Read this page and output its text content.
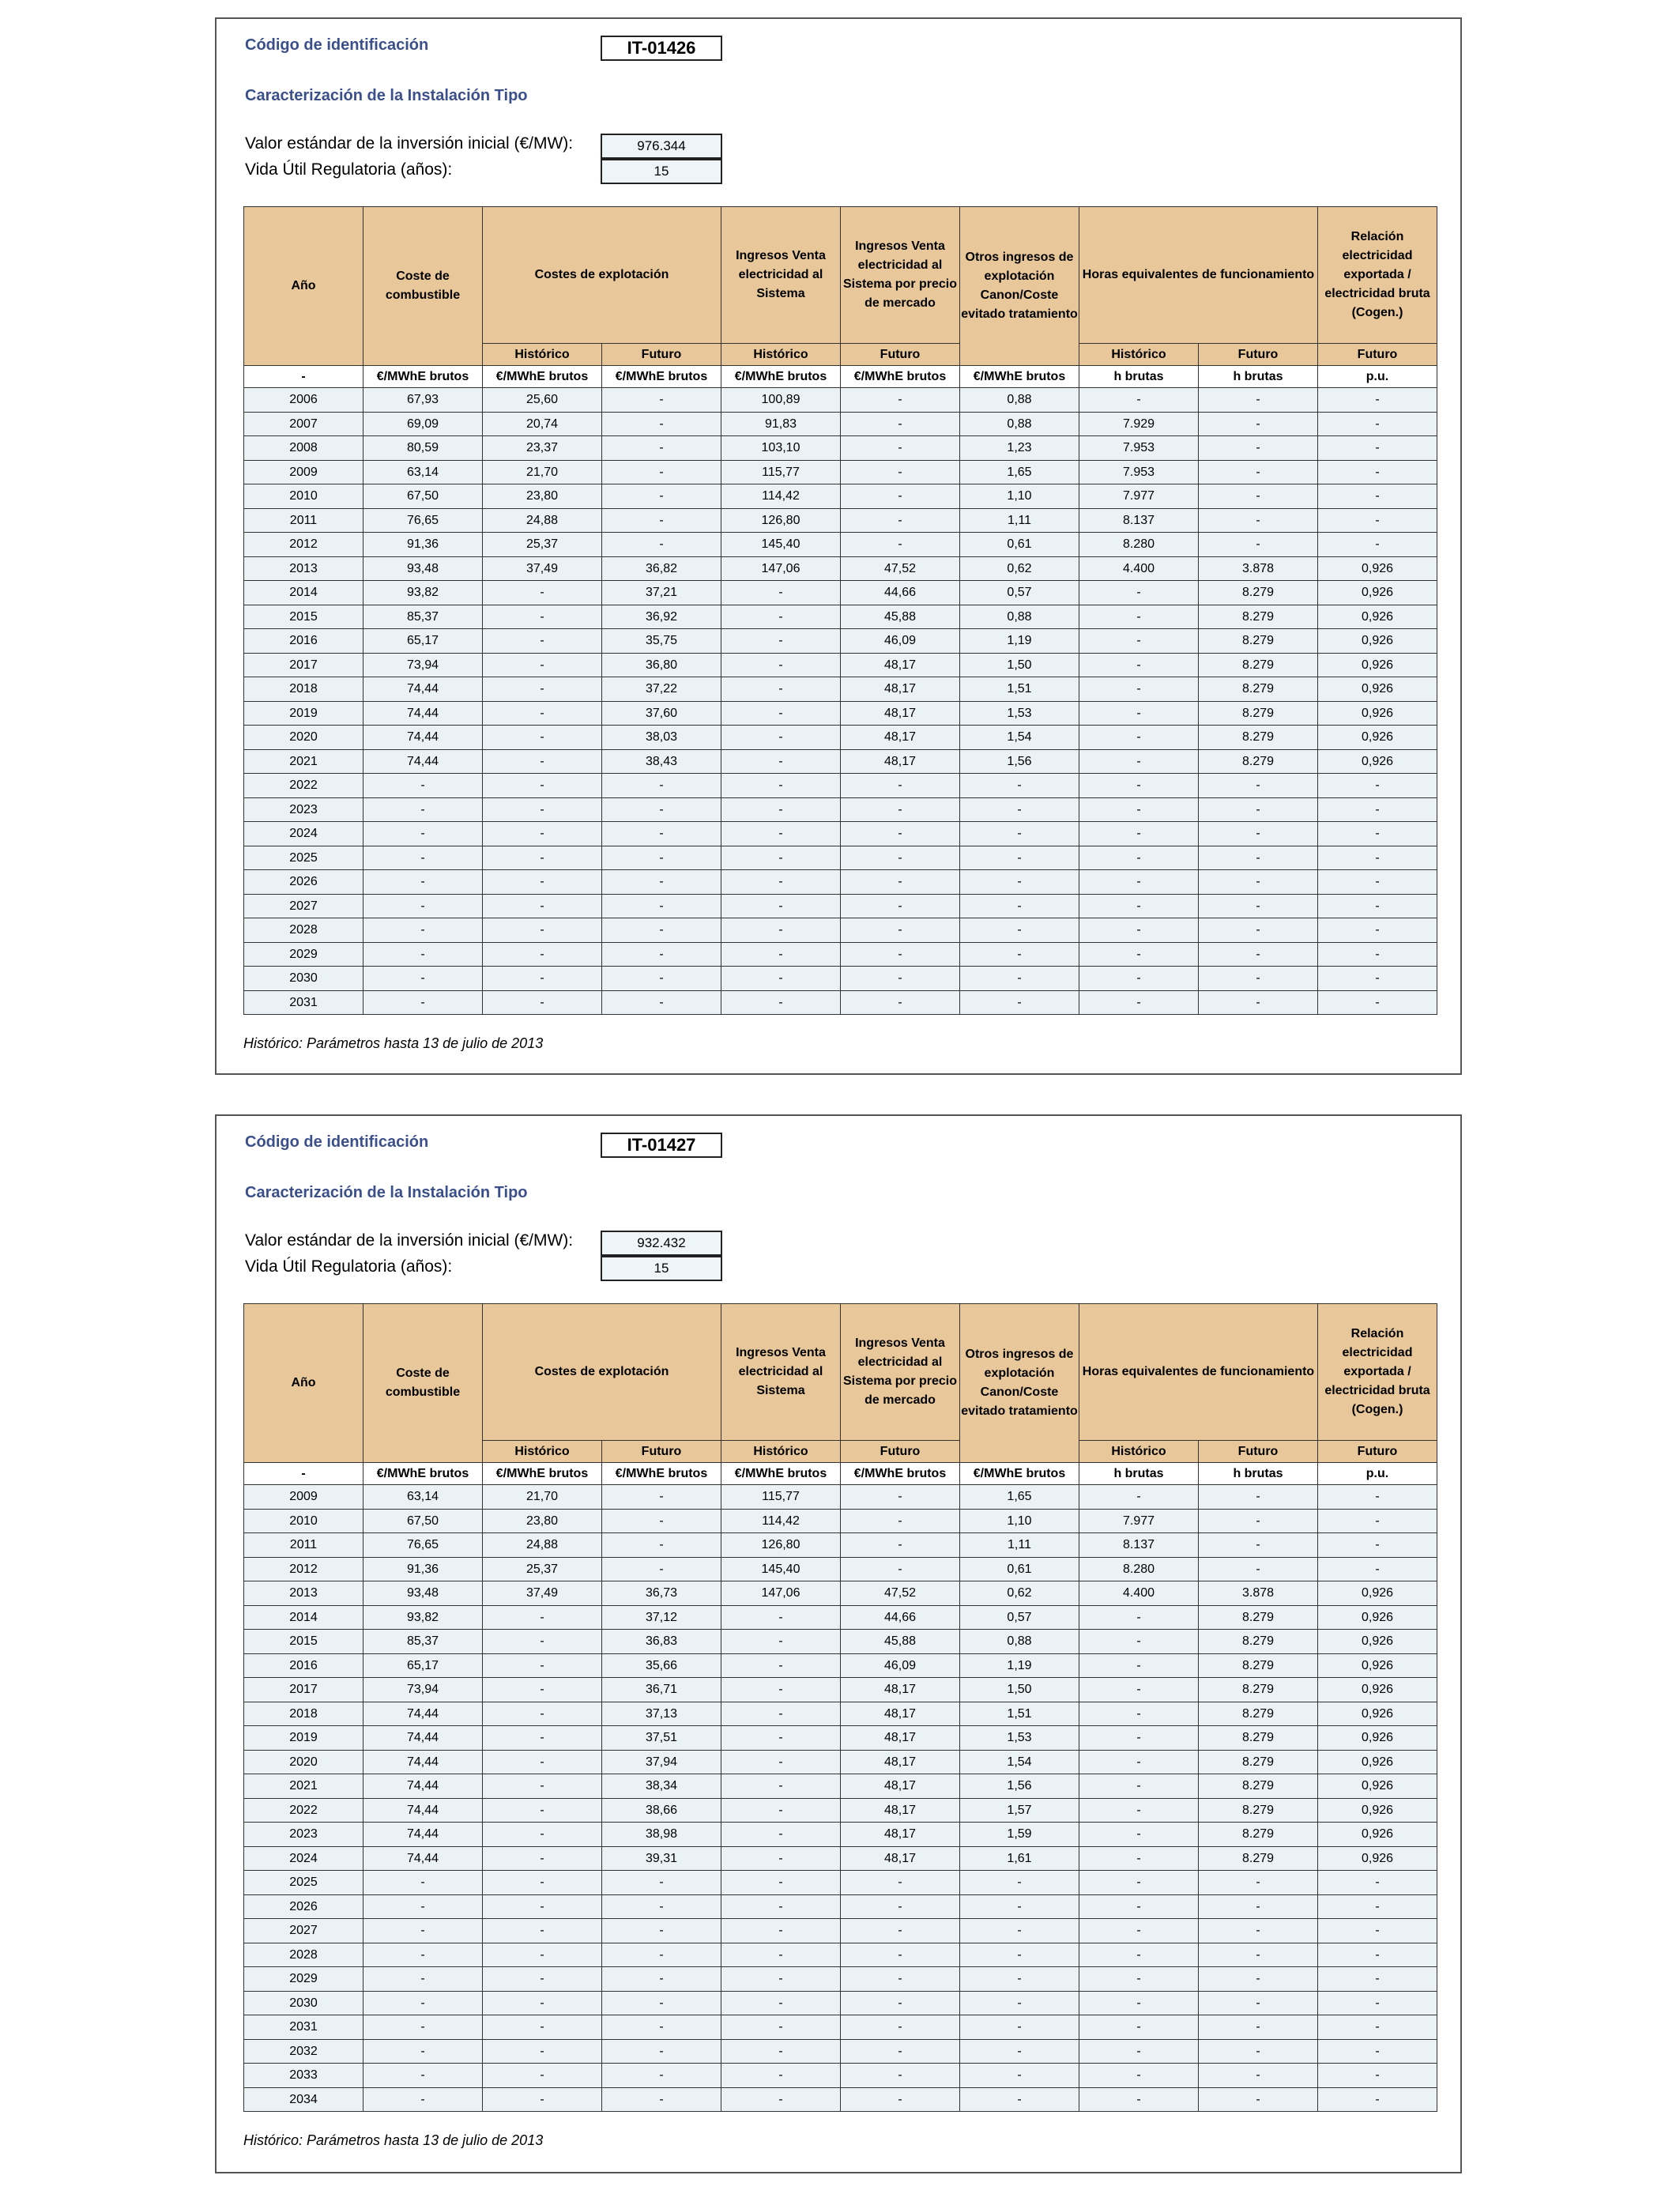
Código de identificación	IT-01426
Caracterización de la Instalación Tipo
Valor estándar de la inversión inicial (€/MW):	976.344
Vida Útil Regulatoria (años):	15
Año	Coste de combustible	Costes de explotación		Ingresos Venta electricidad al Sistema	Ingresos Venta electricidad al Sistema por precio de mercado	Otros ingresos de explotación Canon/Coste evitado tratamiento	Horas equivalentes de funcionamiento		Relación electricidad exportada / electricidad bruta (Cogen.)
		Histórico	Futuro	Histórico	Futuro		Histórico	Futuro	Futuro
-	€/MWhE brutos	€/MWhE brutos	€/MWhE brutos	€/MWhE brutos	€/MWhE brutos	€/MWhE brutos	h brutas	h brutas	p.u.
2006	67,93	25,60	-	100,89	-	0,88	-	-	-
2007	69,09	20,74	-	91,83	-	0,88	7.929	-	-
2008	80,59	23,37	-	103,10	-	1,23	7.953	-	-
2009	63,14	21,70	-	115,77	-	1,65	7.953	-	-
2010	67,50	23,80	-	114,42	-	1,10	7.977	-	-
2011	76,65	24,88	-	126,80	-	1,11	8.137	-	-
2012	91,36	25,37	-	145,40	-	0,61	8.280	-	-
2013	93,48	37,49	36,82	147,06	47,52	0,62	4.400	3.878	0,926
2014	93,82	-	37,21	-	44,66	0,57	-	8.279	0,926
2015	85,37	-	36,92	-	45,88	0,88	-	8.279	0,926
2016	65,17	-	35,75	-	46,09	1,19	-	8.279	0,926
2017	73,94	-	36,80	-	48,17	1,50	-	8.279	0,926
2018	74,44	-	37,22	-	48,17	1,51	-	8.279	0,926
2019	74,44	-	37,60	-	48,17	1,53	-	8.279	0,926
2020	74,44	-	38,03	-	48,17	1,54	-	8.279	0,926
2021	74,44	-	38,43	-	48,17	1,56	-	8.279	0,926
2022	-	-	-	-	-	-	-	-	-
2023	-	-	-	-	-	-	-	-	-
2024	-	-	-	-	-	-	-	-	-
2025	-	-	-	-	-	-	-	-	-
2026	-	-	-	-	-	-	-	-	-
2027	-	-	-	-	-	-	-	-	-
2028	-	-	-	-	-	-	-	-	-
2029	-	-	-	-	-	-	-	-	-
2030	-	-	-	-	-	-	-	-	-
2031	-	-	-	-	-	-	-	-	-
Histórico: Parámetros hasta 13 de julio de 2013
Código de identificación	IT-01427
Caracterización de la Instalación Tipo
Valor estándar de la inversión inicial (€/MW):	932.432
Vida Útil Regulatoria (años):	15
Año	Coste de combustible	Costes de explotación		Ingresos Venta electricidad al Sistema	Ingresos Venta electricidad al Sistema por precio de mercado	Otros ingresos de explotación Canon/Coste evitado tratamiento	Horas equivalentes de funcionamiento		Relación electricidad exportada / electricidad bruta (Cogen.)
		Histórico	Futuro	Histórico	Futuro		Histórico	Futuro	Futuro
-	€/MWhE brutos	€/MWhE brutos	€/MWhE brutos	€/MWhE brutos	€/MWhE brutos	€/MWhE brutos	h brutas	h brutas	p.u.
2009	63,14	21,70	-	115,77	-	1,65	-	-	-
2010	67,50	23,80	-	114,42	-	1,10	7.977	-	-
2011	76,65	24,88	-	126,80	-	1,11	8.137	-	-
2012	91,36	25,37	-	145,40	-	0,61	8.280	-	-
2013	93,48	37,49	36,73	147,06	47,52	0,62	4.400	3.878	0,926
2014	93,82	-	37,12	-	44,66	0,57	-	8.279	0,926
2015	85,37	-	36,83	-	45,88	0,88	-	8.279	0,926
2016	65,17	-	35,66	-	46,09	1,19	-	8.279	0,926
2017	73,94	-	36,71	-	48,17	1,50	-	8.279	0,926
2018	74,44	-	37,13	-	48,17	1,51	-	8.279	0,926
2019	74,44	-	37,51	-	48,17	1,53	-	8.279	0,926
2020	74,44	-	37,94	-	48,17	1,54	-	8.279	0,926
2021	74,44	-	38,34	-	48,17	1,56	-	8.279	0,926
2022	74,44	-	38,66	-	48,17	1,57	-	8.279	0,926
2023	74,44	-	38,98	-	48,17	1,59	-	8.279	0,926
2024	74,44	-	39,31	-	48,17	1,61	-	8.279	0,926
2025	-	-	-	-	-	-	-	-	-
2026	-	-	-	-	-	-	-	-	-
2027	-	-	-	-	-	-	-	-	-
2028	-	-	-	-	-	-	-	-	-
2029	-	-	-	-	-	-	-	-	-
2030	-	-	-	-	-	-	-	-	-
2031	-	-	-	-	-	-	-	-	-
2032	-	-	-	-	-	-	-	-	-
2033	-	-	-	-	-	-	-	-	-
2034	-	-	-	-	-	-	-	-	-
Histórico: Parámetros hasta 13 de julio de 2013
